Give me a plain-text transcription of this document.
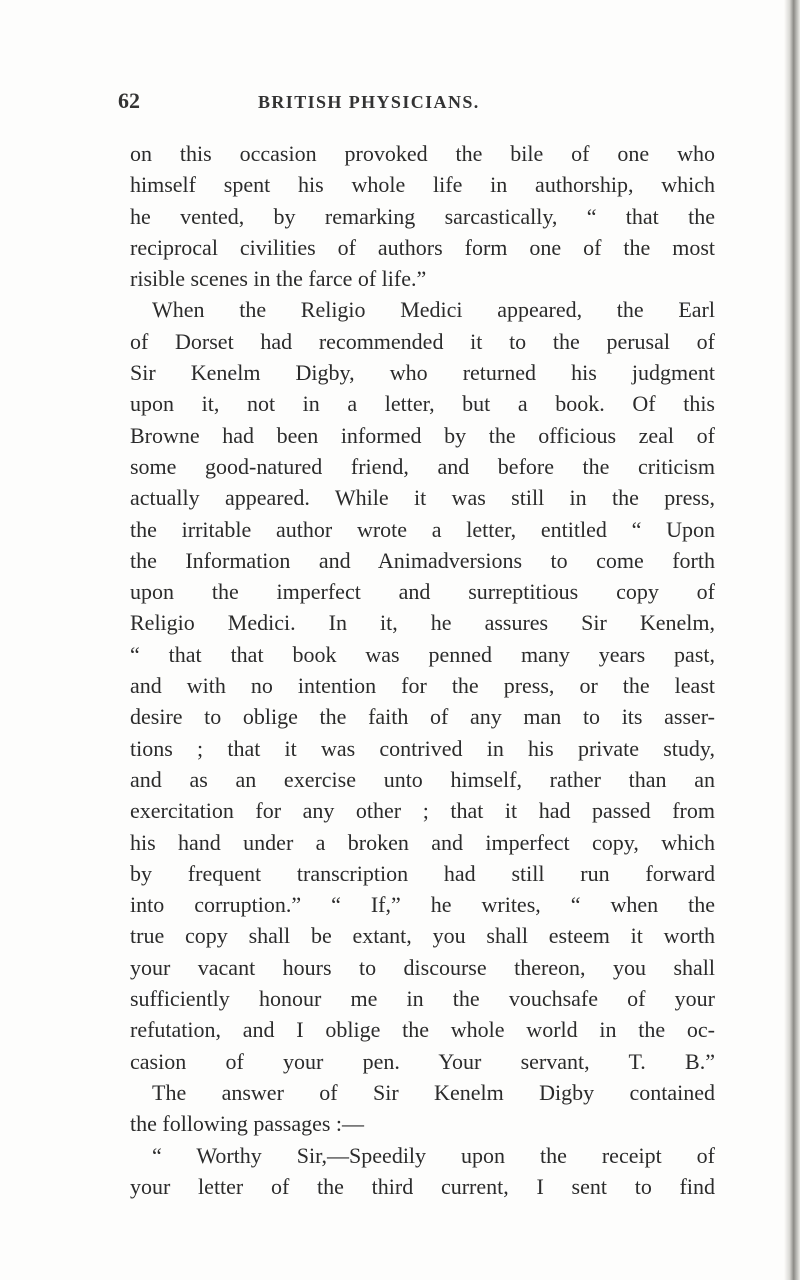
62	BRITISH PHYSICIANS.
on this occasion provoked the bile of one who
himself spent his whole life in authorship, which
he vented, by remarking sarcastically, “ that the
reciprocal civilities of authors form one of the most
risible scenes in the farce of life.”
When the Religio Medici appeared, the Earl
of Dorset had recommended it to the perusal of
Sir Kenelm Digby, who returned his judgment
upon it, not in a letter, but a book. Of this
Browne had been informed by the officious zeal of
some good-natured friend, and before the criticism
actually appeared. While it was still in the press,
the irritable author wrote a letter, entitled “ Upon
the Information and Animadversions to come forth
upon the imperfect and surreptitious copy of
Religio Medici. In it, he assures Sir Kenelm,
“ that that book was penned many years past,
and with no intention for the press, or the least
desire to oblige the faith of any man to its asser-
tions ; that it was contrived in his private study,
and as an exercise unto himself, rather than an
exercitation for any other ; that it had passed from
his hand under a broken and imperfect copy, which
by frequent transcription had still run forward
into corruption.” “ If,” he writes, “ when the
true copy shall be extant, you shall esteem it worth
your vacant hours to discourse thereon, you shall
sufficiently honour me in the vouchsafe of your
refutation, and I oblige the whole world in the oc-
casion of your pen. Your servant, T. B.”
The answer of Sir Kenelm Digby contained
the following passages :—
“ Worthy Sir,—Speedily upon the receipt of
your letter of the third current, I sent to find
